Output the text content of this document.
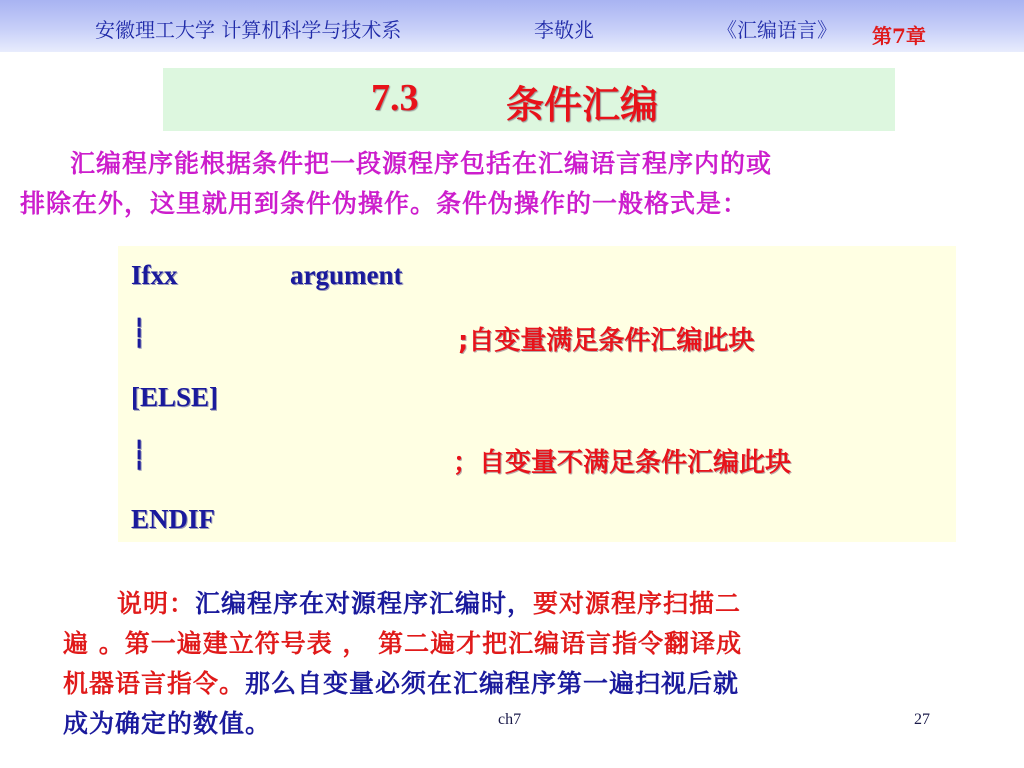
安徽理工大学 计算机科学与技术系	李敬兆	《汇编语言》 第7章
7.3 条件汇编

汇编程序能根据条件把一段源程序包括在汇编语言程序内的或

排除在外，这里就用到条件伪操作。条件伪操作的一般格式是：

Ifxx	argument
┆	;自变量满足条件汇编此块
[ELSE]
┆	；自变量不满足条件汇编此块
ENDIF

说明：汇编程序在对源程序汇编时，要对源程序扫描二

遍 。第一遍建立符号表 ， 第二遍才把汇编语言指令翻译成

机器语言指令。那么自变量必须在汇编程序第一遍扫视后就

成为确定的数值。	ch7	27
